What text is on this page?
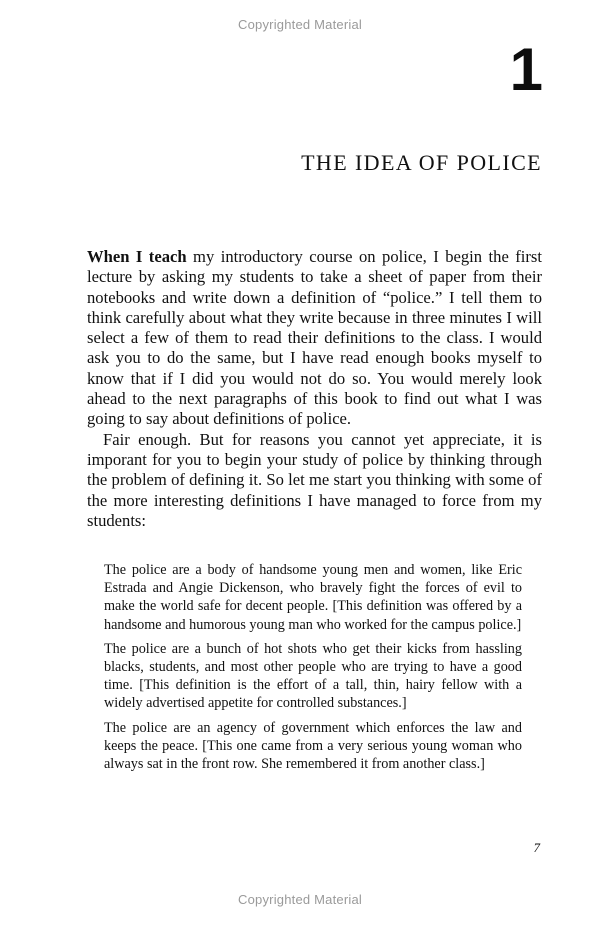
Copyrighted Material
1
THE IDEA OF POLICE

When I teach my introductory course on police, I begin the first lecture by asking my students to take a sheet of paper from their notebooks and write down a definition of “police.” I tell them to think carefully about what they write because in three minutes I will select a few of them to read their definitions to the class. I would ask you to do the same, but I have read enough books myself to know that if I did you would not do so. You would merely look ahead to the next paragraphs of this book to find out what I was going to say about definitions of police.

Fair enough. But for reasons you cannot yet appreciate, it is imporant for you to begin your study of police by thinking through the problem of defining it. So let me start you thinking with some of the more interesting definitions I have managed to force from my students:

The police are a body of handsome young men and women, like Eric Estrada and Angie Dickenson, who bravely fight the forces of evil to make the world safe for decent people. [This definition was offered by a handsome and humorous young man who worked for the campus police.]

The police are a bunch of hot shots who get their kicks from hassling blacks, students, and most other people who are trying to have a good time. [This definition is the effort of a tall, thin, hairy fellow with a widely advertised appetite for controlled substances.]

The police are an agency of government which enforces the law and keeps the peace. [This one came from a very serious young woman who always sat in the front row. She remembered it from another class.]

7
Copyrighted Material
